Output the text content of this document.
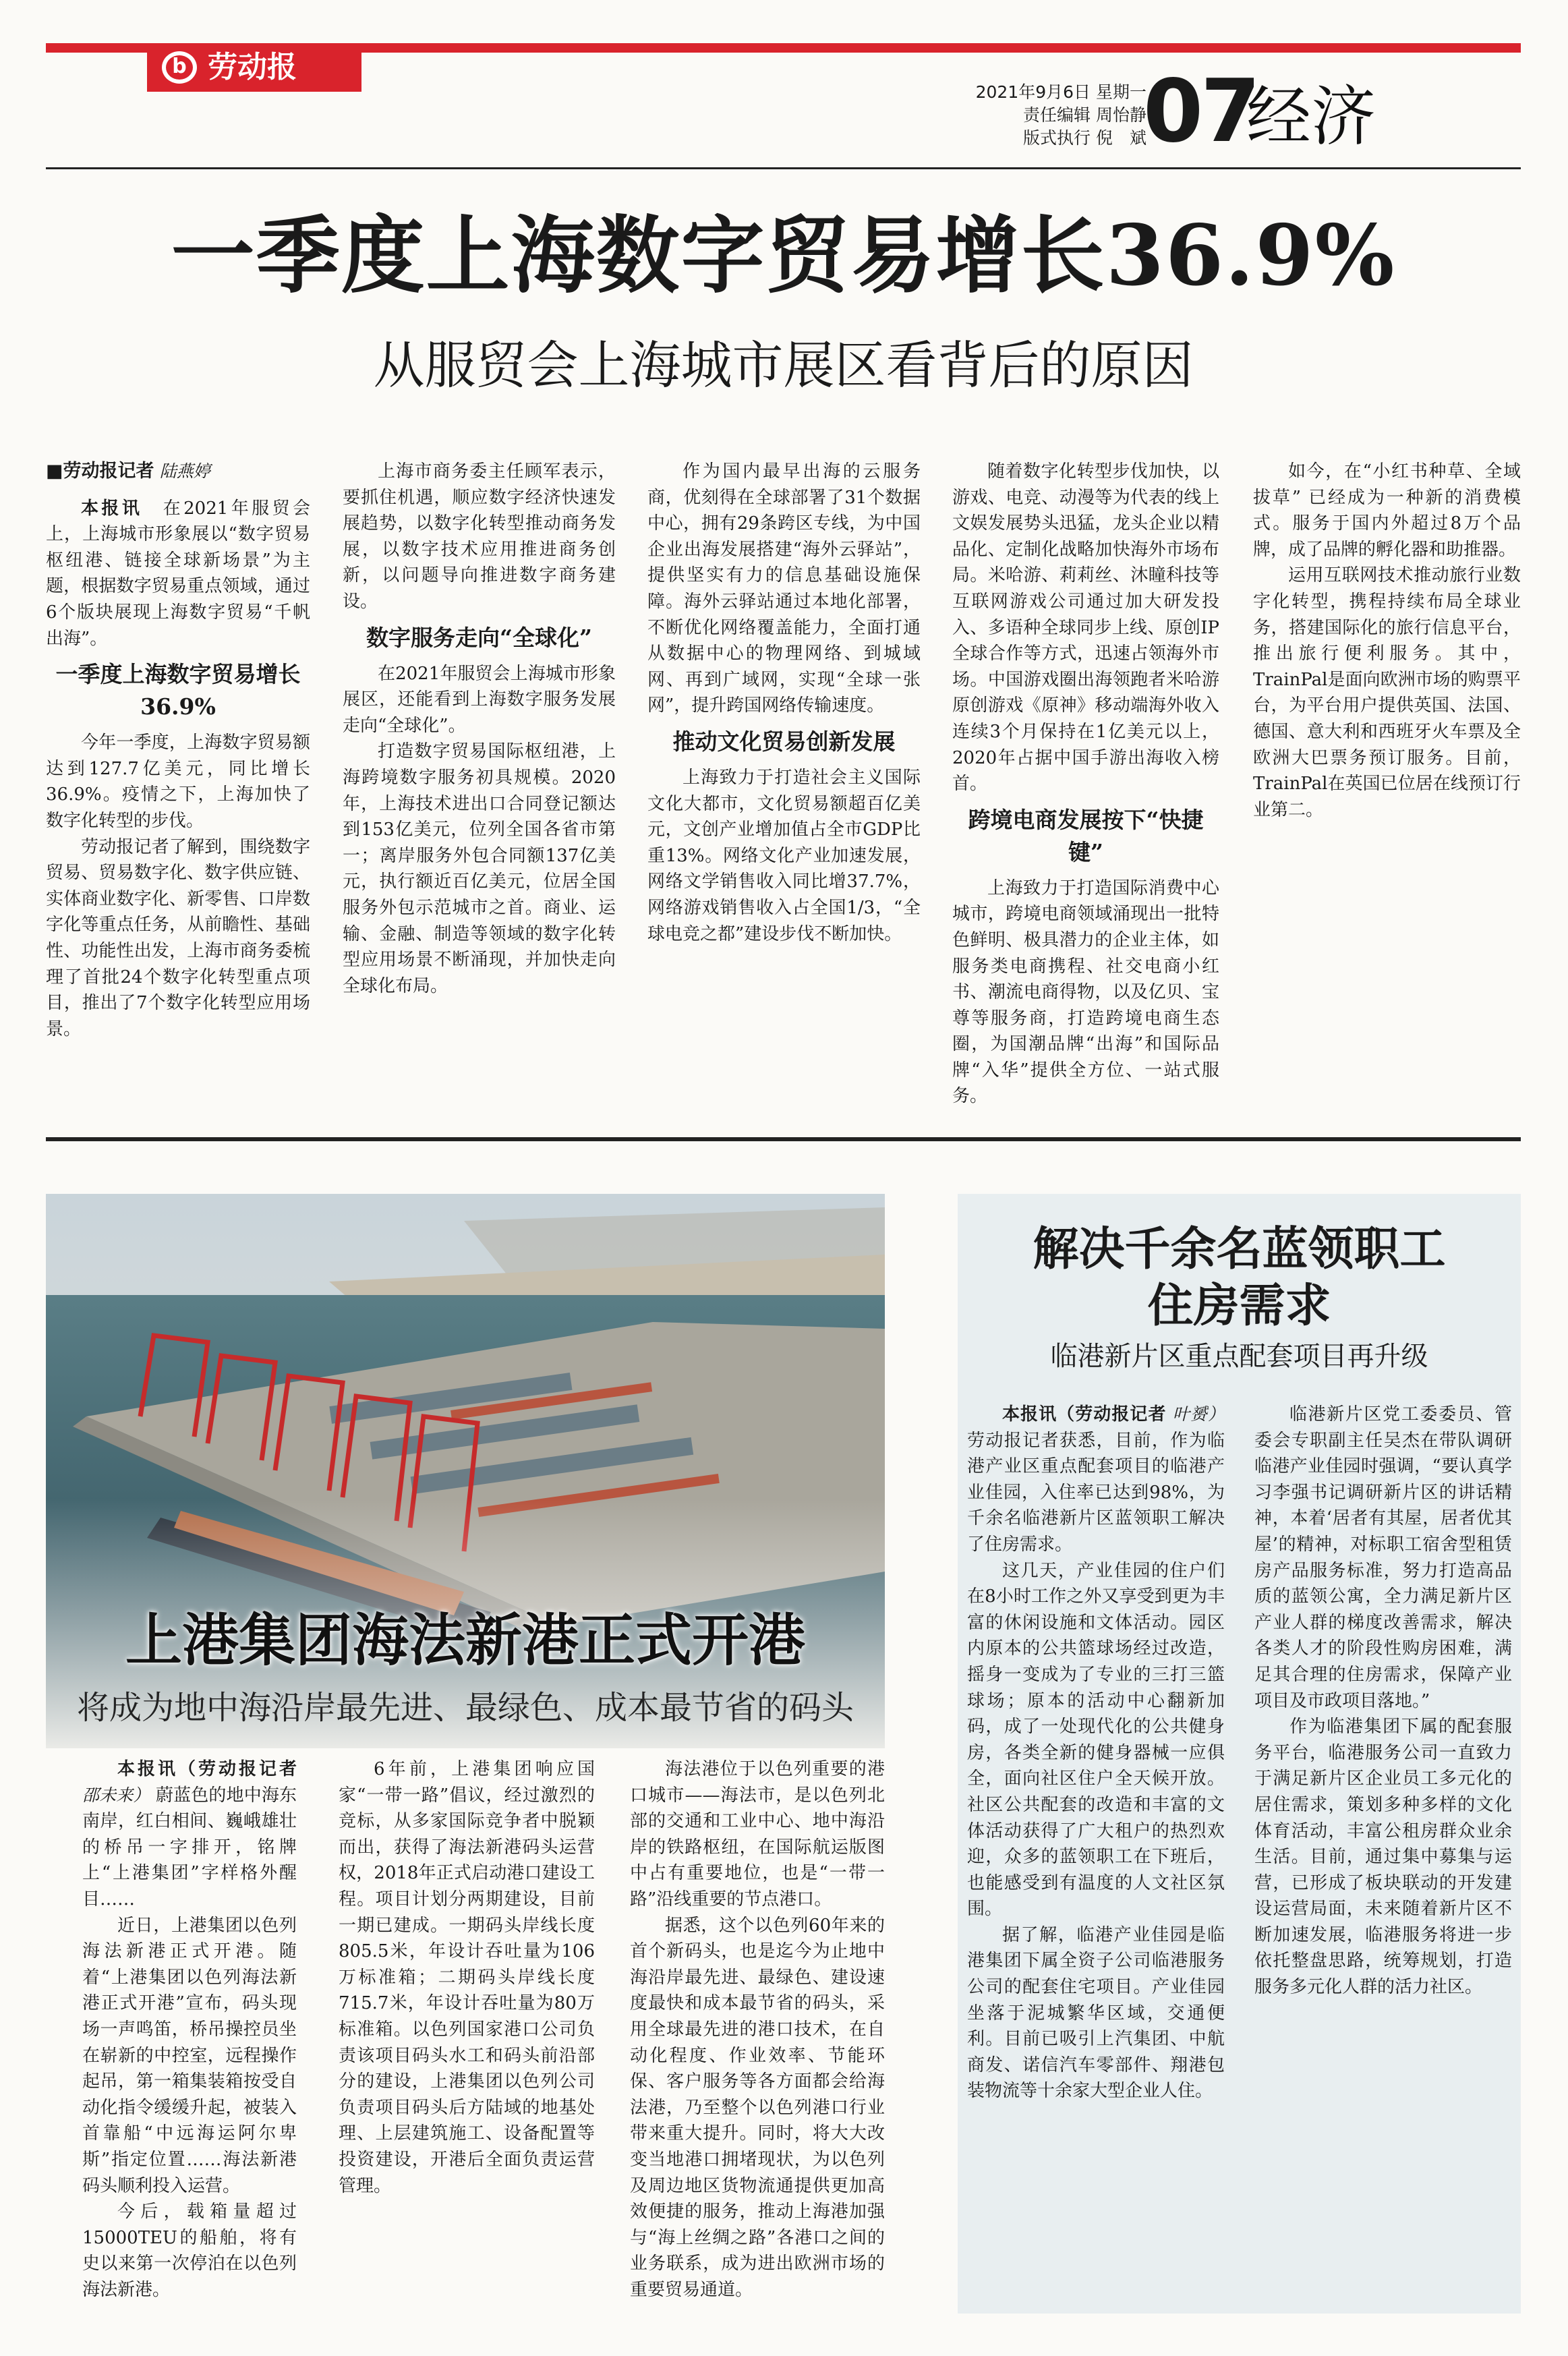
b 劳动报
2021年9月6日 星期一
责任编辑 周怡静
版式执行 倪　斌
07
经济
一季度上海数字贸易增长36.9%
从服贸会上海城市展区看背后的原因

■劳动报记者 陆燕婷

本报讯　 在2021年服贸会上，上海城市形象展以“数字贸易枢纽港、链接全球新场景”为主题，根据数字贸易重点领域，通过6个版块展现上海数字贸易“千帆出海”。

一季度上海数字贸易增长36.9%

今年一季度，上海数字贸易额达到127.7亿美元，同比增长36.9%。疫情之下，上海加快了数字化转型的步伐。

劳动报记者了解到，围绕数字贸易、贸易数字化、数字供应链、实体商业数字化、新零售、口岸数字化等重点任务，从前瞻性、基础性、功能性出发，上海市商务委梳理了首批24个数字化转型重点项目，推出了7个数字化转型应用场景。

上海市商务委主任顾军表示，要抓住机遇，顺应数字经济快速发展趋势，以数字化转型推动商务发展，以数字技术应用推进商务创新，以问题导向推进数字商务建设。

数字服务走向“全球化”

在2021年服贸会上海城市形象展区，还能看到上海数字服务发展走向“全球化”。

打造数字贸易国际枢纽港，上海跨境数字服务初具规模。2020年，上海技术进出口合同登记额达到153亿美元，位列全国各省市第一；离岸服务外包合同额137亿美元，执行额近百亿美元，位居全国服务外包示范城市之首。商业、运输、金融、制造等领域的数字化转型应用场景不断涌现，并加快走向全球化布局。

作为国内最早出海的云服务商，优刻得在全球部署了31个数据中心，拥有29条跨区专线，为中国企业出海发展搭建“海外云驿站”，提供坚实有力的信息基础设施保障。海外云驿站通过本地化部署，不断优化网络覆盖能力，全面打通从数据中心的物理网络、到城域网、再到广域网，实现“全球一张网”，提升跨国网络传输速度。

推动文化贸易创新发展

上海致力于打造社会主义国际文化大都市，文化贸易额超百亿美元，文创产业增加值占全市GDP比重13%。网络文化产业加速发展，网络文学销售收入同比增37.7%，网络游戏销售收入占全国1/3，“全球电竞之都”建设步伐不断加快。

随着数字化转型步伐加快，以游戏、电竞、动漫等为代表的线上文娱发展势头迅猛，龙头企业以精品化、定制化战略加快海外市场布局。米哈游、莉莉丝、沐瞳科技等互联网游戏公司通过加大研发投入、多语种全球同步上线、原创IP全球合作等方式，迅速占领海外市场。中国游戏圈出海领跑者米哈游原创游戏《原神》移动端海外收入连续3个月保持在1亿美元以上，2020年占据中国手游出海收入榜首。

跨境电商发展按下“快捷键”

上海致力于打造国际消费中心城市，跨境电商领域涌现出一批特色鲜明、极具潜力的企业主体，如服务类电商携程、社交电商小红书、潮流电商得物，以及亿贝、宝尊等服务商，打造跨境电商生态圈，为国潮品牌“出海”和国际品牌“入华”提供全方位、一站式服务。

如今，在“小红书种草、全域拔草” 已经成为一种新的消费模式。服务于国内外超过8万个品牌，成了品牌的孵化器和助推器。

运用互联网技术推动旅行业数字化转型，携程持续布局全球业务，搭建国际化的旅行信息平台，推出旅行便利服务。其中，TrainPal是面向欧洲市场的购票平台，为平台用户提供英国、法国、德国、意大利和西班牙火车票及全欧洲大巴票务预订服务。目前，TrainPal在英国已位居在线预订行业第二。

上港集团海法新港正式开港
将成为地中海沿岸最先进、最绿色、成本最节省的码头

本报讯（劳动报记者 邵未来） 蔚蓝色的地中海东南岸，红白相间、巍峨雄壮的桥吊一字排开，铭牌上“上港集团”字样格外醒目……

近日，上港集团以色列海法新港正式开港。随着“上港集团以色列海法新港正式开港”宣布，码头现场一声鸣笛，桥吊操控员坐在崭新的中控室，远程操作起吊，第一箱集装箱按受自动化指令缓缓升起，被装入首靠船“中远海运阿尔卑斯”指定位置……海法新港码头顺利投入运营。

今后，载箱量超过15000TEU的船舶，将有史以来第一次停泊在以色列海法新港。

6年前，上港集团响应国家“一带一路”倡议，经过激烈的竞标，从多家国际竞争者中脱颖而出，获得了海法新港码头运营权，2018年正式启动港口建设工程。项目计划分两期建设，目前一期已建成。一期码头岸线长度805.5米，年设计吞吐量为106万标准箱；二期码头岸线长度715.7米，年设计吞吐量为80万标准箱。以色列国家港口公司负责该项目码头水工和码头前沿部分的建设，上港集团以色列公司负责项目码头后方陆域的地基处理、上层建筑施工、设备配置等投资建设，开港后全面负责运营管理。

海法港位于以色列重要的港口城市——海法市，是以色列北部的交通和工业中心、地中海沿岸的铁路枢纽，在国际航运版图中占有重要地位，也是“一带一路”沿线重要的节点港口。

据悉，这个以色列60年来的首个新码头，也是迄今为止地中海沿岸最先进、最绿色、建设速度最快和成本最节省的码头，采用全球最先进的港口技术，在自动化程度、作业效率、节能环保、客户服务等各方面都会给海法港，乃至整个以色列港口行业带来重大提升。同时，将大大改变当地港口拥堵现状，为以色列及周边地区货物流通提供更加高效便捷的服务，推动上海港加强与“海上丝绸之路”各港口之间的业务联系，成为进出欧洲市场的重要贸易通道。

解决千余名蓝领职工
住房需求
临港新片区重点配套项目再升级

本报讯（劳动报记者 叶赟） 劳动报记者获悉，目前，作为临港产业区重点配套项目的临港产业佳园，入住率已达到98%，为千余名临港新片区蓝领职工解决了住房需求。

这几天，产业佳园的住户们在8小时工作之外又享受到更为丰富的休闲设施和文体活动。园区内原本的公共篮球场经过改造，摇身一变成为了专业的三打三篮球场；原本的活动中心翻新加码，成了一处现代化的公共健身房，各类全新的健身器械一应俱全，面向社区住户全天候开放。社区公共配套的改造和丰富的文体活动获得了广大租户的热烈欢迎，众多的蓝领职工在下班后，也能感受到有温度的人文社区氛围。

据了解，临港产业佳园是临港集团下属全资子公司临港服务公司的配套住宅项目。产业佳园坐落于泥城繁华区域，交通便利。目前已吸引上汽集团、中航商发、诺信汽车零部件、翔港包装物流等十余家大型企业人住。

临港新片区党工委委员、管委会专职副主任吴杰在带队调研临港产业佳园时强调，“要认真学习李强书记调研新片区的讲话精神，本着‘居者有其屋，居者优其屋’的精神，对标职工宿舍型租赁房产品服务标准，努力打造高品质的蓝领公寓，全力满足新片区产业人群的梯度改善需求，解决各类人才的阶段性购房困难，满足其合理的住房需求，保障产业项目及市政项目落地。”

作为临港集团下属的配套服务平台，临港服务公司一直致力于满足新片区企业员工多元化的居住需求，策划多种多样的文化体育活动，丰富公租房群众业余生活。目前，通过集中募集与运营，已形成了板块联动的开发建设运营局面，未来随着新片区不断加速发展，临港服务将进一步依托整盘思路，统筹规划，打造服务多元化人群的活力社区。
